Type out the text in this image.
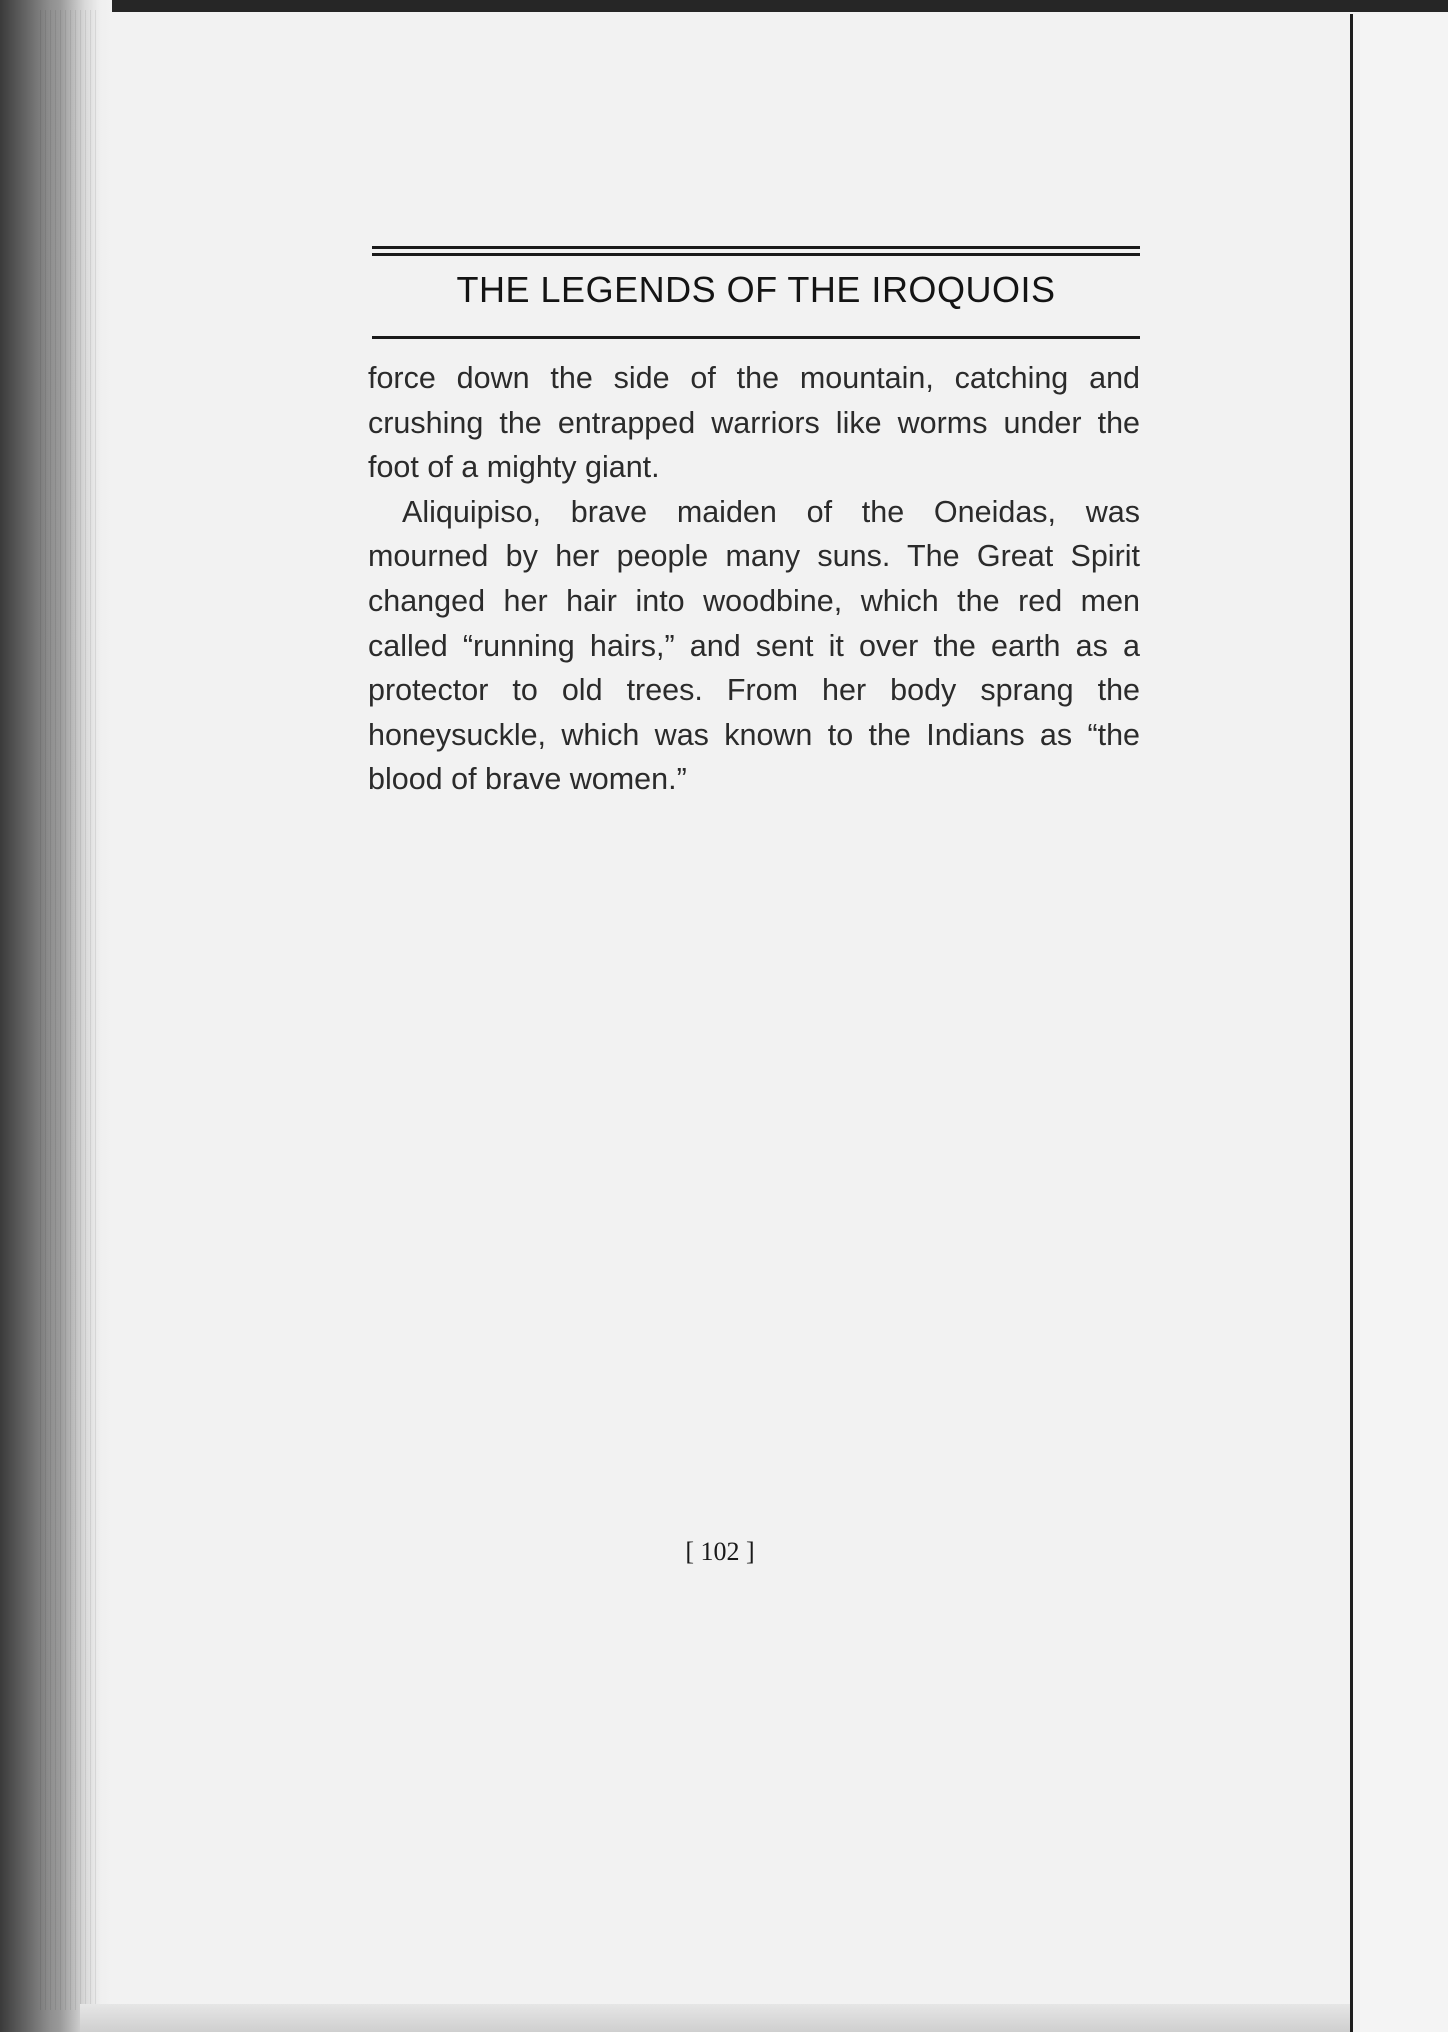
THE LEGENDS OF THE IROQUOIS

force down the side of the mountain, catching and crushing the entrapped warriors like worms under the foot of a mighty giant.

Aliquipiso, brave maiden of the Oneidas, was mourned by her people many suns. The Great Spirit changed her hair into woodbine, which the red men called “running hairs,” and sent it over the earth as a protector to old trees. From her body sprang the honeysuckle, which was known to the Indians as “the blood of brave women.”

[ 102 ]
